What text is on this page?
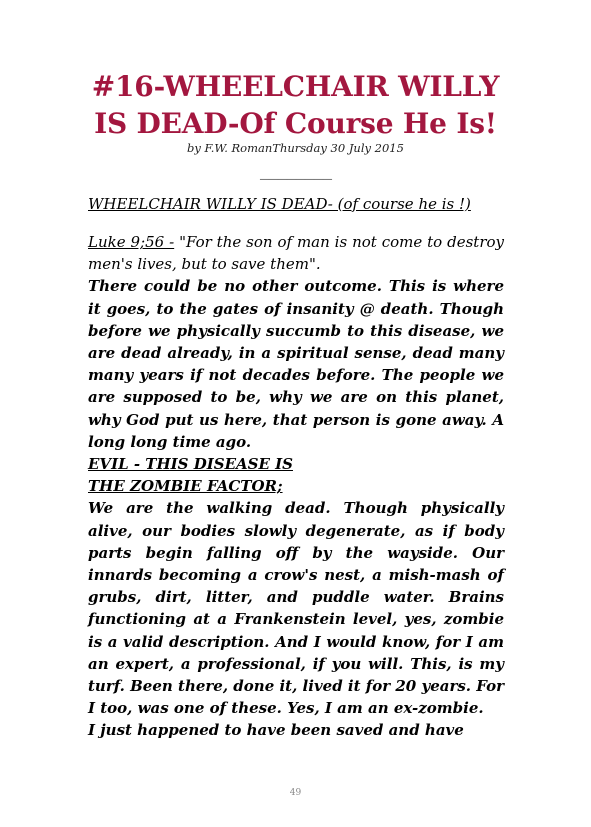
#16-WHEELCHAIR WILLY
IS DEAD-Of Course He Is!
by F.W. RomanThursday 30 July 2015
————————
WHEELCHAIR WILLY IS DEAD- (of course he is !)

Luke 9;56 - "For the son of man is not come to destroy men's lives, but to save them".

There could be no other outcome. This is where it goes, to the gates of insanity @ death. Though before we physically succumb to this disease, we are dead already, in a spiritual sense, dead many many years if not decades before. The people we are supposed to be, why we are on this planet, why God put us here, that person is gone away. A long long time ago.

EVIL - THIS DISEASE IS

THE ZOMBIE FACTOR;

We are the walking dead. Though physically alive, our bodies slowly degenerate, as if body parts begin falling off by the wayside. Our innards becoming a crow's nest, a mish-mash of grubs, dirt, litter, and puddle water. Brains functioning at a Frankenstein level, yes, zombie is a valid description. And I would know, for I am an expert, a professional, if you will. This, is my turf. Been there, done it, lived it for 20 years. For I too, was one of these. Yes, I am an ex-zombie.

I just happened to have been saved and have

49
